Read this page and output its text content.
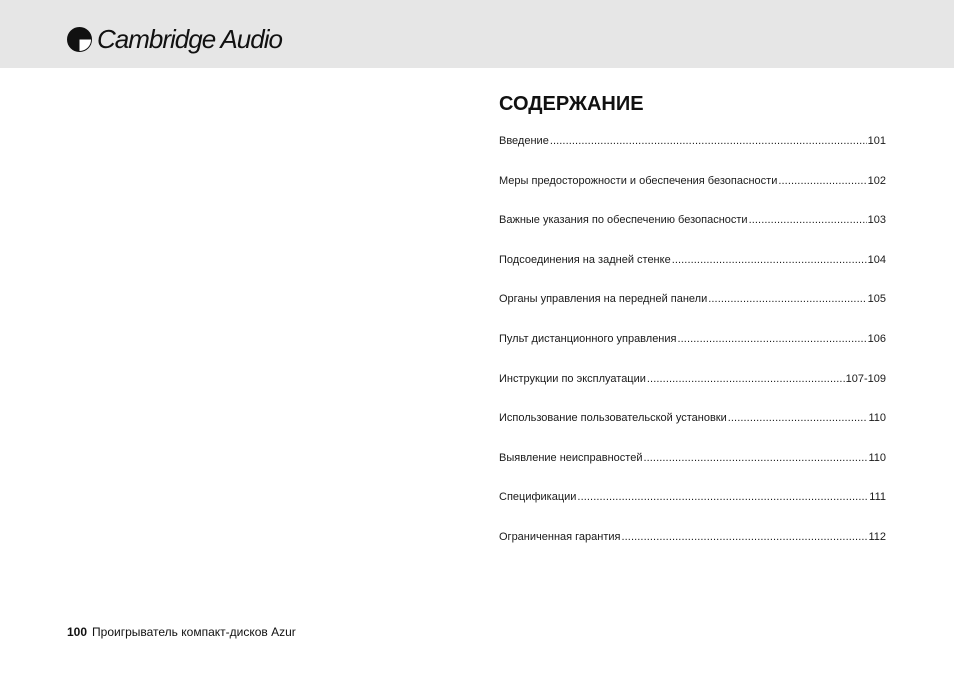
Cambridge Audio
СОДЕРЖАНИЕ
Введение .....	101
Меры предосторожности и обеспечения безопасности .....	102
Важные указания по обеспечению безопасности .....	103
Подсоединения на задней стенке .....	104
Органы управления на передней панели .....	105
Пульт дистанционного управления .....	106
Инструкции по эксплуатации .....	107-109
Использование пользовательской установки .....	110
Выявление неисправностей .....	110
Спецификации .....	111
Ограниченная гарантия .....	112
100 Проигрыватель компакт-дисков Azur
